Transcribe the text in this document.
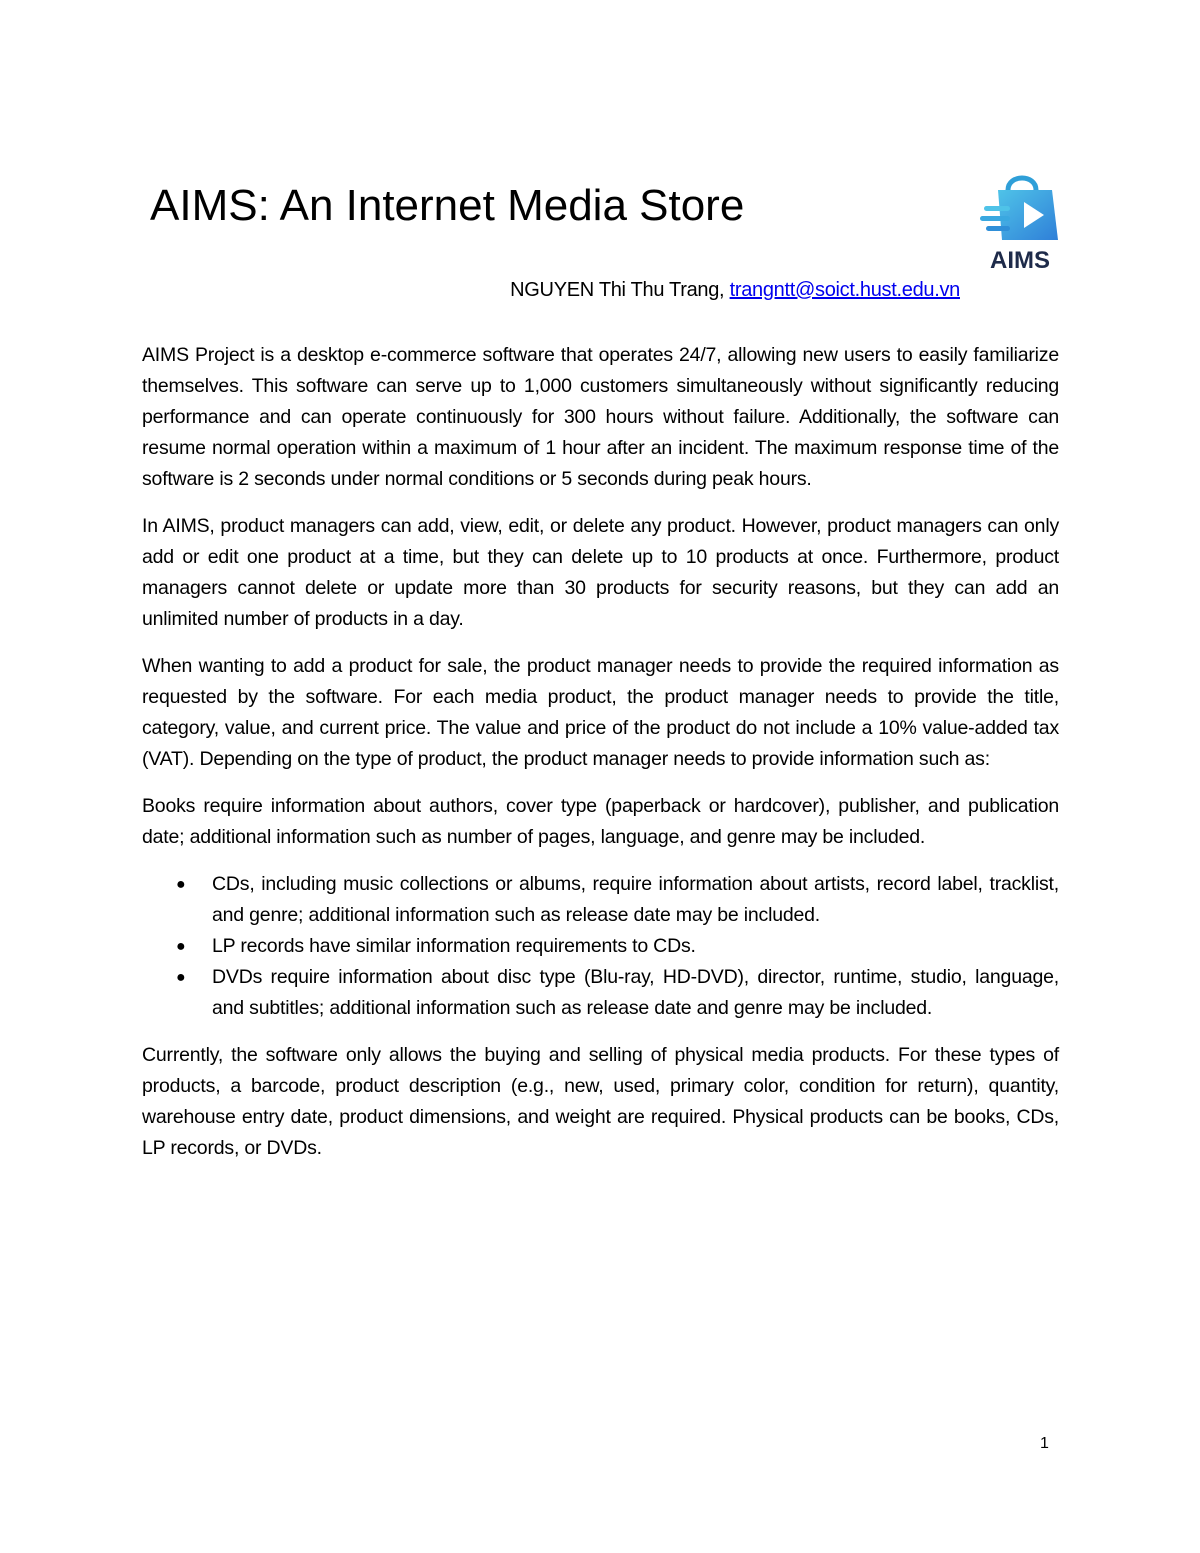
AIMS: An Internet Media Store
AIMS
NGUYEN Thi Thu Trang, trangntt@soict.hust.edu.vn

AIMS Project is a desktop e-commerce software that operates 24/7, allowing new users to easily familiarize themselves. This software can serve up to 1,000 customers simultaneously without significantly reducing performance and can operate continuously for 300 hours without failure. Additionally, the software can resume normal operation within a maximum of 1 hour after an incident. The maximum response time of the software is 2 seconds under normal conditions or 5 seconds during peak hours.

In AIMS, product managers can add, view, edit, or delete any product. However, product managers can only add or edit one product at a time, but they can delete up to 10 products at once. Furthermore, product managers cannot delete or update more than 30 products for security reasons, but they can add an unlimited number of products in a day.

When wanting to add a product for sale, the product manager needs to provide the required information as requested by the software. For each media product, the product manager needs to provide the title, category, value, and current price. The value and price of the product do not include a 10% value-added tax (VAT). Depending on the type of product, the product manager needs to provide information such as:

Books require information about authors, cover type (paperback or hardcover), publisher, and publication date; additional information such as number of pages, language, and genre may be included.

● CDs, including music collections or albums, require information about artists, record label, tracklist, and genre; additional information such as release date may be included.
● LP records have similar information requirements to CDs.
● DVDs require information about disc type (Blu-ray, HD-DVD), director, runtime, studio, language, and subtitles; additional information such as release date and genre may be included.

Currently, the software only allows the buying and selling of physical media products. For these types of products, a barcode, product description (e.g., new, used, primary color, condition for return), quantity, warehouse entry date, product dimensions, and weight are required. Physical products can be books, CDs, LP records, or DVDs.

1
